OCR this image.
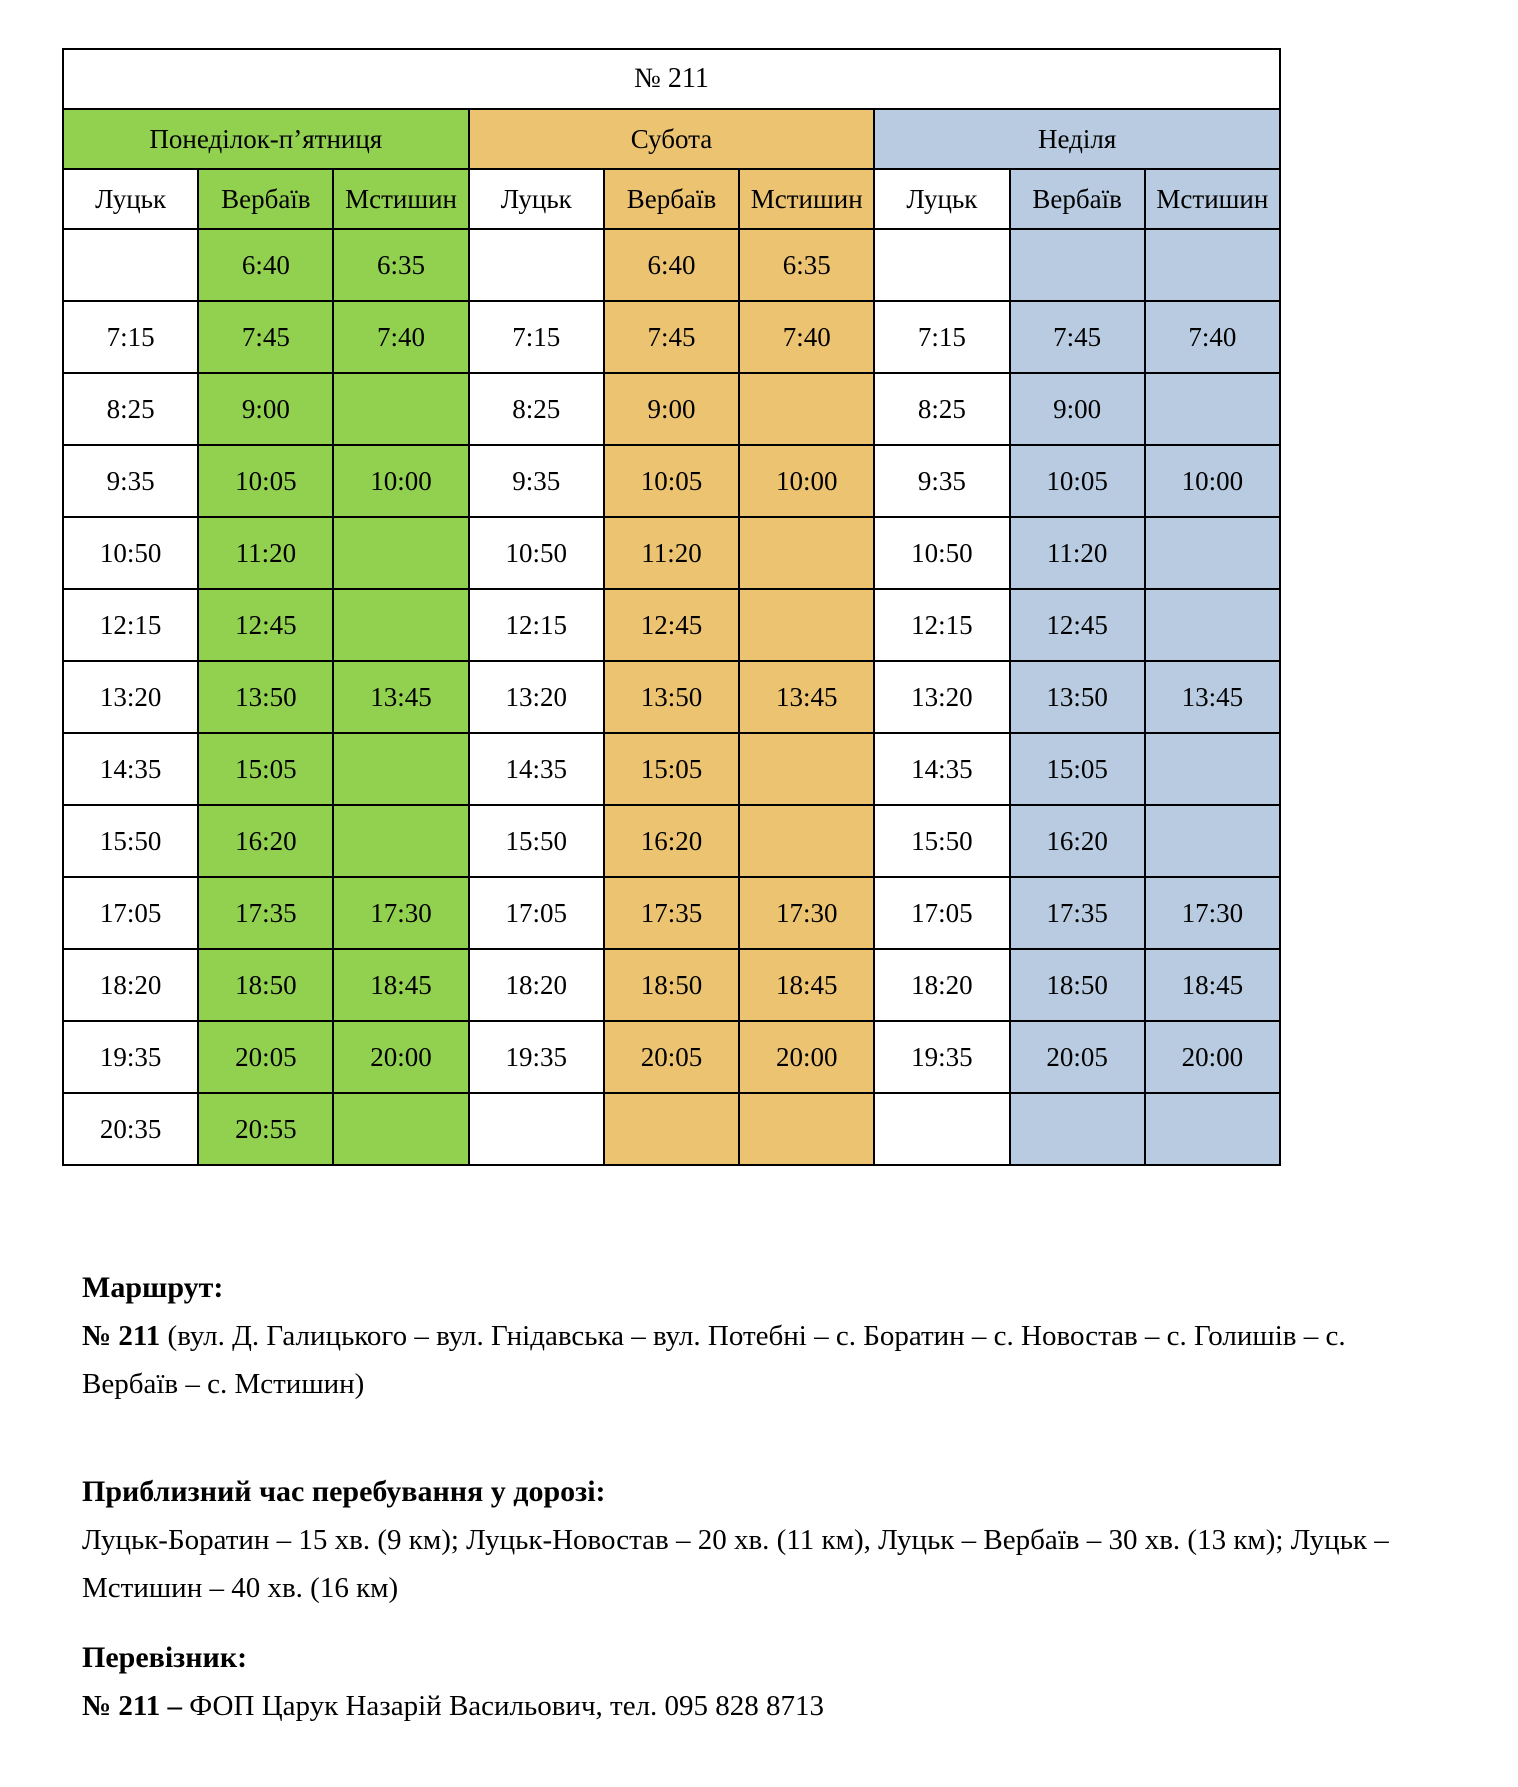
№ 211								
Понеділок-п’ятниця			Субота			Неділя		
Луцьк	Вербаїв	Мстишин	Луцьк	Вербаїв	Мстишин	Луцьк	Вербаїв	Мстишин
	6:40	6:35		6:40	6:35			
7:15	7:45	7:40	7:15	7:45	7:40	7:15	7:45	7:40
8:25	9:00		8:25	9:00		8:25	9:00	
9:35	10:05	10:00	9:35	10:05	10:00	9:35	10:05	10:00
10:50	11:20		10:50	11:20		10:50	11:20	
12:15	12:45		12:15	12:45		12:15	12:45	
13:20	13:50	13:45	13:20	13:50	13:45	13:20	13:50	13:45
14:35	15:05		14:35	15:05		14:35	15:05	
15:50	16:20		15:50	16:20		15:50	16:20	
17:05	17:35	17:30	17:05	17:35	17:30	17:05	17:35	17:30
18:20	18:50	18:45	18:20	18:50	18:45	18:20	18:50	18:45
19:35	20:05	20:00	19:35	20:05	20:00	19:35	20:05	20:00
20:35	20:55							
Маршрут:

№ 211 (вул. Д. Галицького – вул. Гнідавська – вул. Потебні – с. Боратин – с. Новостав – с. Голишів – с. Вербаїв – с. Мстишин)

Приблизний час перебування у дорозі:

Луцьк-Боратин – 15 хв. (9 км); Луцьк-Новостав – 20 хв. (11 км), Луцьк – Вербаїв – 30 хв. (13 км); Луцьк – Мстишин – 40 хв. (16 км)

Перевізник:

№ 211 – ФОП Царук Назарій Васильович, тел. 095 828 8713
